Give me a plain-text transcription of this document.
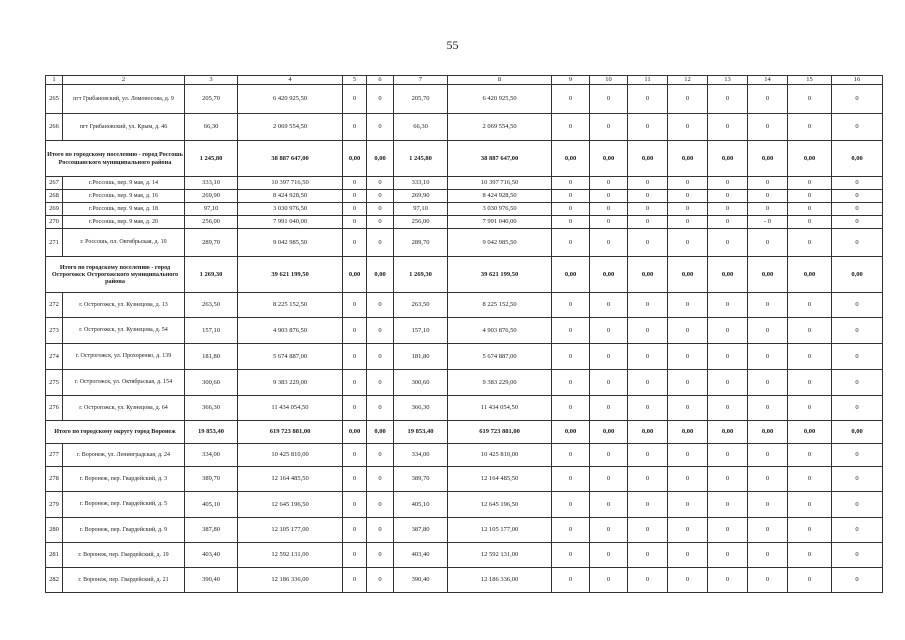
55
1	2	3	4	5	6	7	8	9	10	11	12	13	14	15	16
265	пгт Грибановский, ул. Ломоносова, д. 9	205,70	6 420 925,50	0	0	205,70	6 420 925,50	0	0	0	0	0	0	0	0
266	пгт Грибановский, ул. Крым, д. 46	66,30	2 069 554,50	0	0	66,30	2 069 554,50	0	0	0	0	0	0	0	0
Итого по городскому поселению - город Россошь Россошанского муниципального района		1 245,80	38 887 647,00	0,00	0,00	1 245,80	38 887 647,00	0,00	0,00	0,00	0,00	0,00	0,00	0,00	0,00
267	г.Россошь, пер. 9 мая, д. 14	333,10	10 397 716,50	0	0	333,10	10 397 716,50	0	0	0	0	0	0	0	0
268	г.Россошь, пер. 9 мая, д. 16	269,90	8 424 928,50	0	0	269,90	8 424 928,50	0	0	0	0	0	0	0	0
269	г.Россошь, пер. 9 мая, д. 18	97,10	3 030 976,50	0	0	97,10	3 030 976,50	0	0	0	0	0	0	0	0
270	г.Россошь, пер. 9 мая, д. 20	256,00	7 991 040,00	0	0	256,00	7 991 040,00	0	0	0	0	0	- 0	0	0
271	г. Россошь, пл. Октябрьская, д. 10	289,70	9 042 985,50	0	0	289,70	9 042 985,50	0	0	0	0	0	0	0	0
Итого по городскому поселению - город Острогожск Острогожского муниципального района		1 269,30	39 621 199,50	0,00	0,00	1 269,30	39 621 199,50	0,00	0,00	0,00	0,00	0,00	0,00	0,00	0,00
272	г. Острогожск, ул. Кузнецова, д. 13	263,50	8 225 152,50	0	0	263,50	8 225 152,50	0	0	0	0	0	0	0	0
273	г. Острогожск, ул. Кузнецова, д. 54	157,10	4 903 876,50	0	0	157,10	4 903 876,50	0	0	0	0	0	0	0	0
274	г. Острогожск, ул. Прохоренко, д. 139	181,80	5 674 887,00	0	0	181,80	5 674 887,00	0	0	0	0	0	0	0	0
275	г. Острогожск, ул. Октябрьская, д. 154	300,60	9 383 229,00	0	0	300,60	9 383 229,00	0	0	0	0	0	0	0	0
276	г. Острогожск, ул. Кузнецова, д. 64	366,30	11 434 054,50	0	0	366,30	11 434 054,50	0	0	0	0	0	0	0	0
Итого по городскому округу город Воронеж		19 853,40	619 723 881,00	0,00	0,00	19 853,40	619 723 881,00	0,00	0,00	0,00	0,00	0,00	0,00	0,00	0,00
277	г. Воронеж, ул. Ленинградская, д. 24	334,00	10 425 810,00	0	0	334,00	10 425 810,00	0	0	0	0	0	0	0	0
278	г. Воронеж, пер. Гвардейский, д. 3	389,70	12 164 485,50	0	0	389,70	12 164 485,50	0	0	0	0	0	0	0	0
279	г. Воронеж, пер. Гвардейский, д. 5	405,10	12 645 196,50	0	0	405,10	12 645 196,50	0	0	0	0	0	0	0	0
280	г. Воронеж, пер. Гвардейский, д. 9	387,80	12 105 177,00	0	0	387,80	12 105 177,00	0	0	0	0	0	0	0	0
281	г. Воронеж, пер. Гвардейский, д. 19	403,40	12 592 131,00	0	0	403,40	12 592 131,00	0	0	0	0	0	0	0	0
282	г. Воронеж, пер. Гвардейский, д. 21	390,40	12 186 336,00	0	0	390,40	12 186 336,00	0	0	0	0	0	0	0	0
